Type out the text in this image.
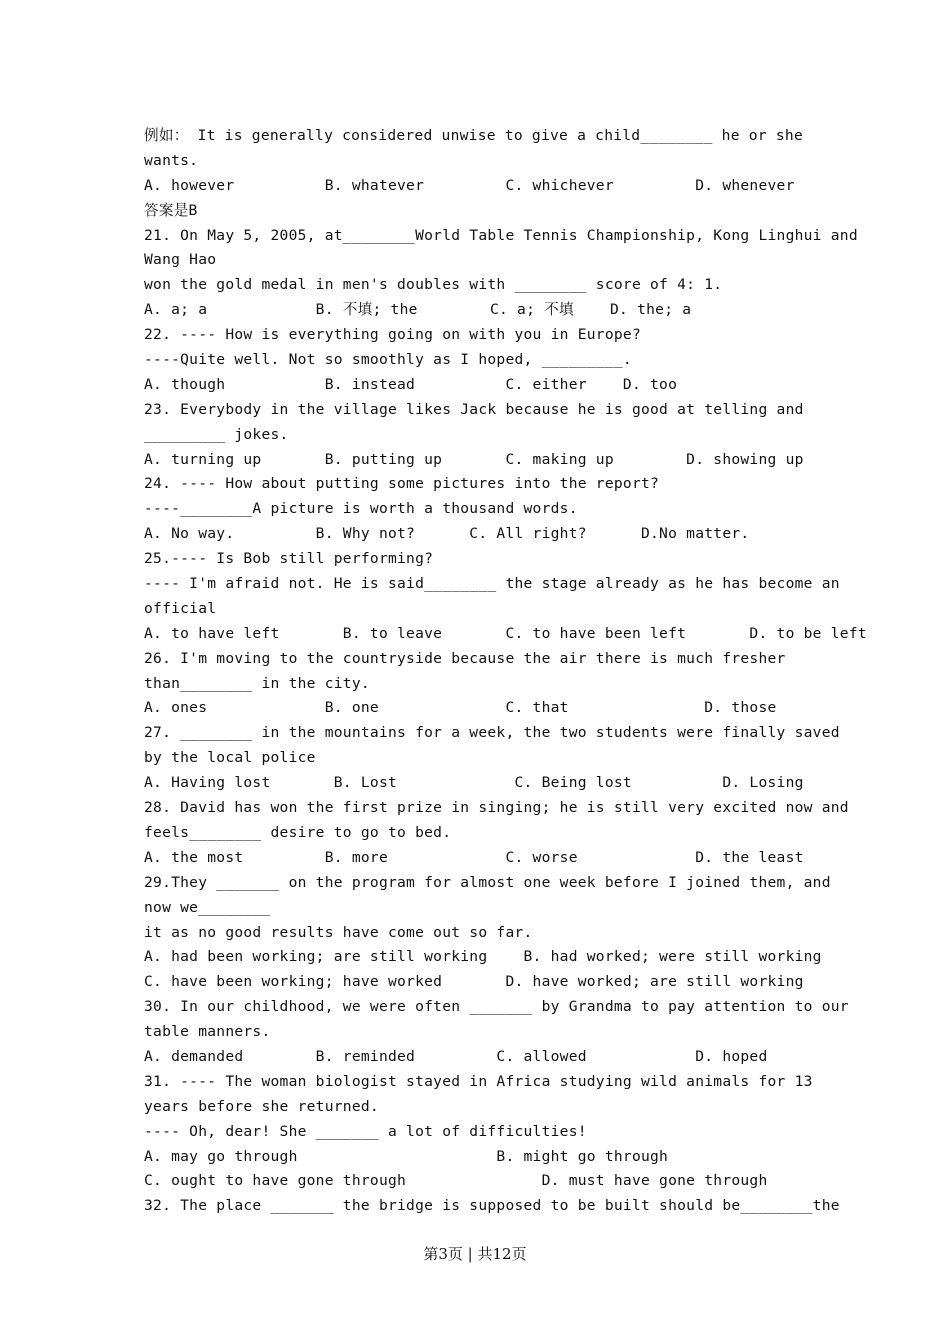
例如： It is generally considered unwise to give a child________ he or she
wants.
A. however          B. whatever         C. whichever         D. whenever
答案是B
21. On May 5, 2005, at________World Table Tennis Championship, Kong Linghui and
Wang Hao
won the gold medal in men's doubles with ________ score of 4: 1.
A. a; a            B. 不填; the        C. a; 不填    D. the; a
22. ---- How is everything going on with you in Europe?
----Quite well. Not so smoothly as I hoped, _________.
A. though           B. instead          C. either    D. too
23. Everybody in the village likes Jack because he is good at telling and
_________ jokes.
A. turning up       B. putting up       C. making up        D. showing up
24. ---- How about putting some pictures into the report?
----________A picture is worth a thousand words.
A. No way.         B. Why not?      C. All right?      D.No matter.
25.---- Is Bob still performing?
---- I'm afraid not. He is said________ the stage already as he has become an
official
A. to have left       B. to leave       C. to have been left       D. to be left
26. I'm moving to the countryside because the air there is much fresher
than________ in the city.
A. ones             B. one              C. that               D. those
27. ________ in the mountains for a week, the two students were finally saved
by the local police
A. Having lost       B. Lost             C. Being lost          D. Losing
28. David has won the first prize in singing; he is still very excited now and
feels________ desire to go to bed.
A. the most         B. more             C. worse             D. the least
29.They _______ on the program for almost one week before I joined them, and
now we________
it as no good results have come out so far.
A. had been working; are still working    B. had worked; were still working
C. have been working; have worked       D. have worked; are still working
30. In our childhood, we were often _______ by Grandma to pay attention to our
table manners.
A. demanded        B. reminded         C. allowed            D. hoped
31. ---- The woman biologist stayed in Africa studying wild animals for 13
years before she returned.
---- Oh, dear! She _______ a lot of difficulties!
A. may go through                      B. might go through
C. ought to have gone through               D. must have gone through
32. The place _______ the bridge is supposed to be built should be________the
第3页 | 共12页
